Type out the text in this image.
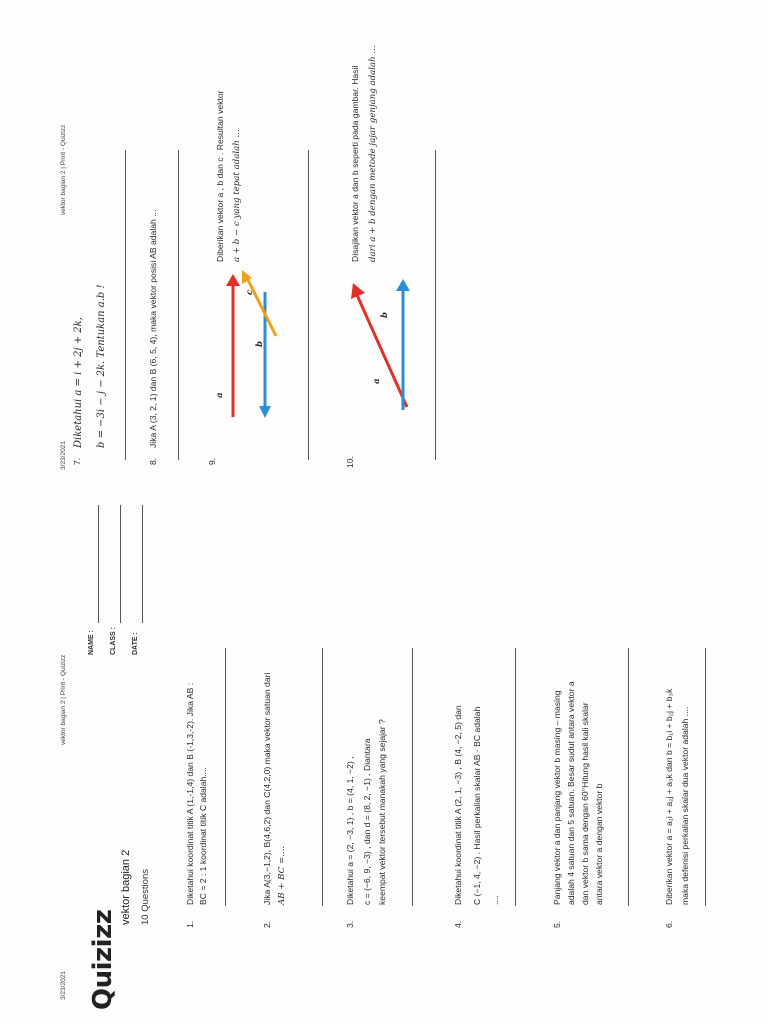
3/23/2021
vektor bagian 2 | Print - Quizizz
Quizizz
vektor bagian 2 10 Questions
NAME : CLASS : DATE :
1.
Diketahui koordinat titik A (1,-1,4) dan B (-1,3,-2). Jika AB : BC = 2 : 1 koordinat titik C adalah....
2.
Jika A(3,−1,2), B(4,6,2) dan C(4,2,0) maka vektor satuan dari AB + BC =....
3.
Diketahui a = (2, −3, 1) , b = (4, 1, −2) , c = (−6, 9, −3) , dan d = (8, 2, −1) . Diantara keempat vektor tersebut manakah yang sejajar ?
4.
Diketahui koordinat titik A (2, 1, −3) , B (4, −2, 5) dan C (−1, 4, −2) . Hasil perkalian skalar AB · BC adalah ....
5.
Panjang vektor a dan panjang vektor b masing – masing adalah 4 satuan dan 5 satuan. Besar sudut antara vektor a dan vektor b sama dengan 60°Hitung hasil kali skalar antara vektor a dengan vektor b
6.
Diberikan vektor a = a₁i + a₂j + a₃k dan b = b₁i + b₂j + b₃k maka defenisi perkalian skalar dua vektor adalah ....
3/23/2021
vektor bagian 2 | Print - Quizizz
7.
Diketahui a = i + 2j + 2k, b = −3i − j − 2k. Tentukan a.b !
8.
Jika A (3, 2, 1) dan B (6, 5, 4), maka vektor posisi AB adalah ...
9.
a
b
c
Diberikan vektor a , b dan c . Resultan vektor a + b − c yang tepat adalah ...
10.
a
b
Disajikan vektor a dan b seperti pada gambar. Hasil dari a + b dengan metode jajar genjang adalah ...
